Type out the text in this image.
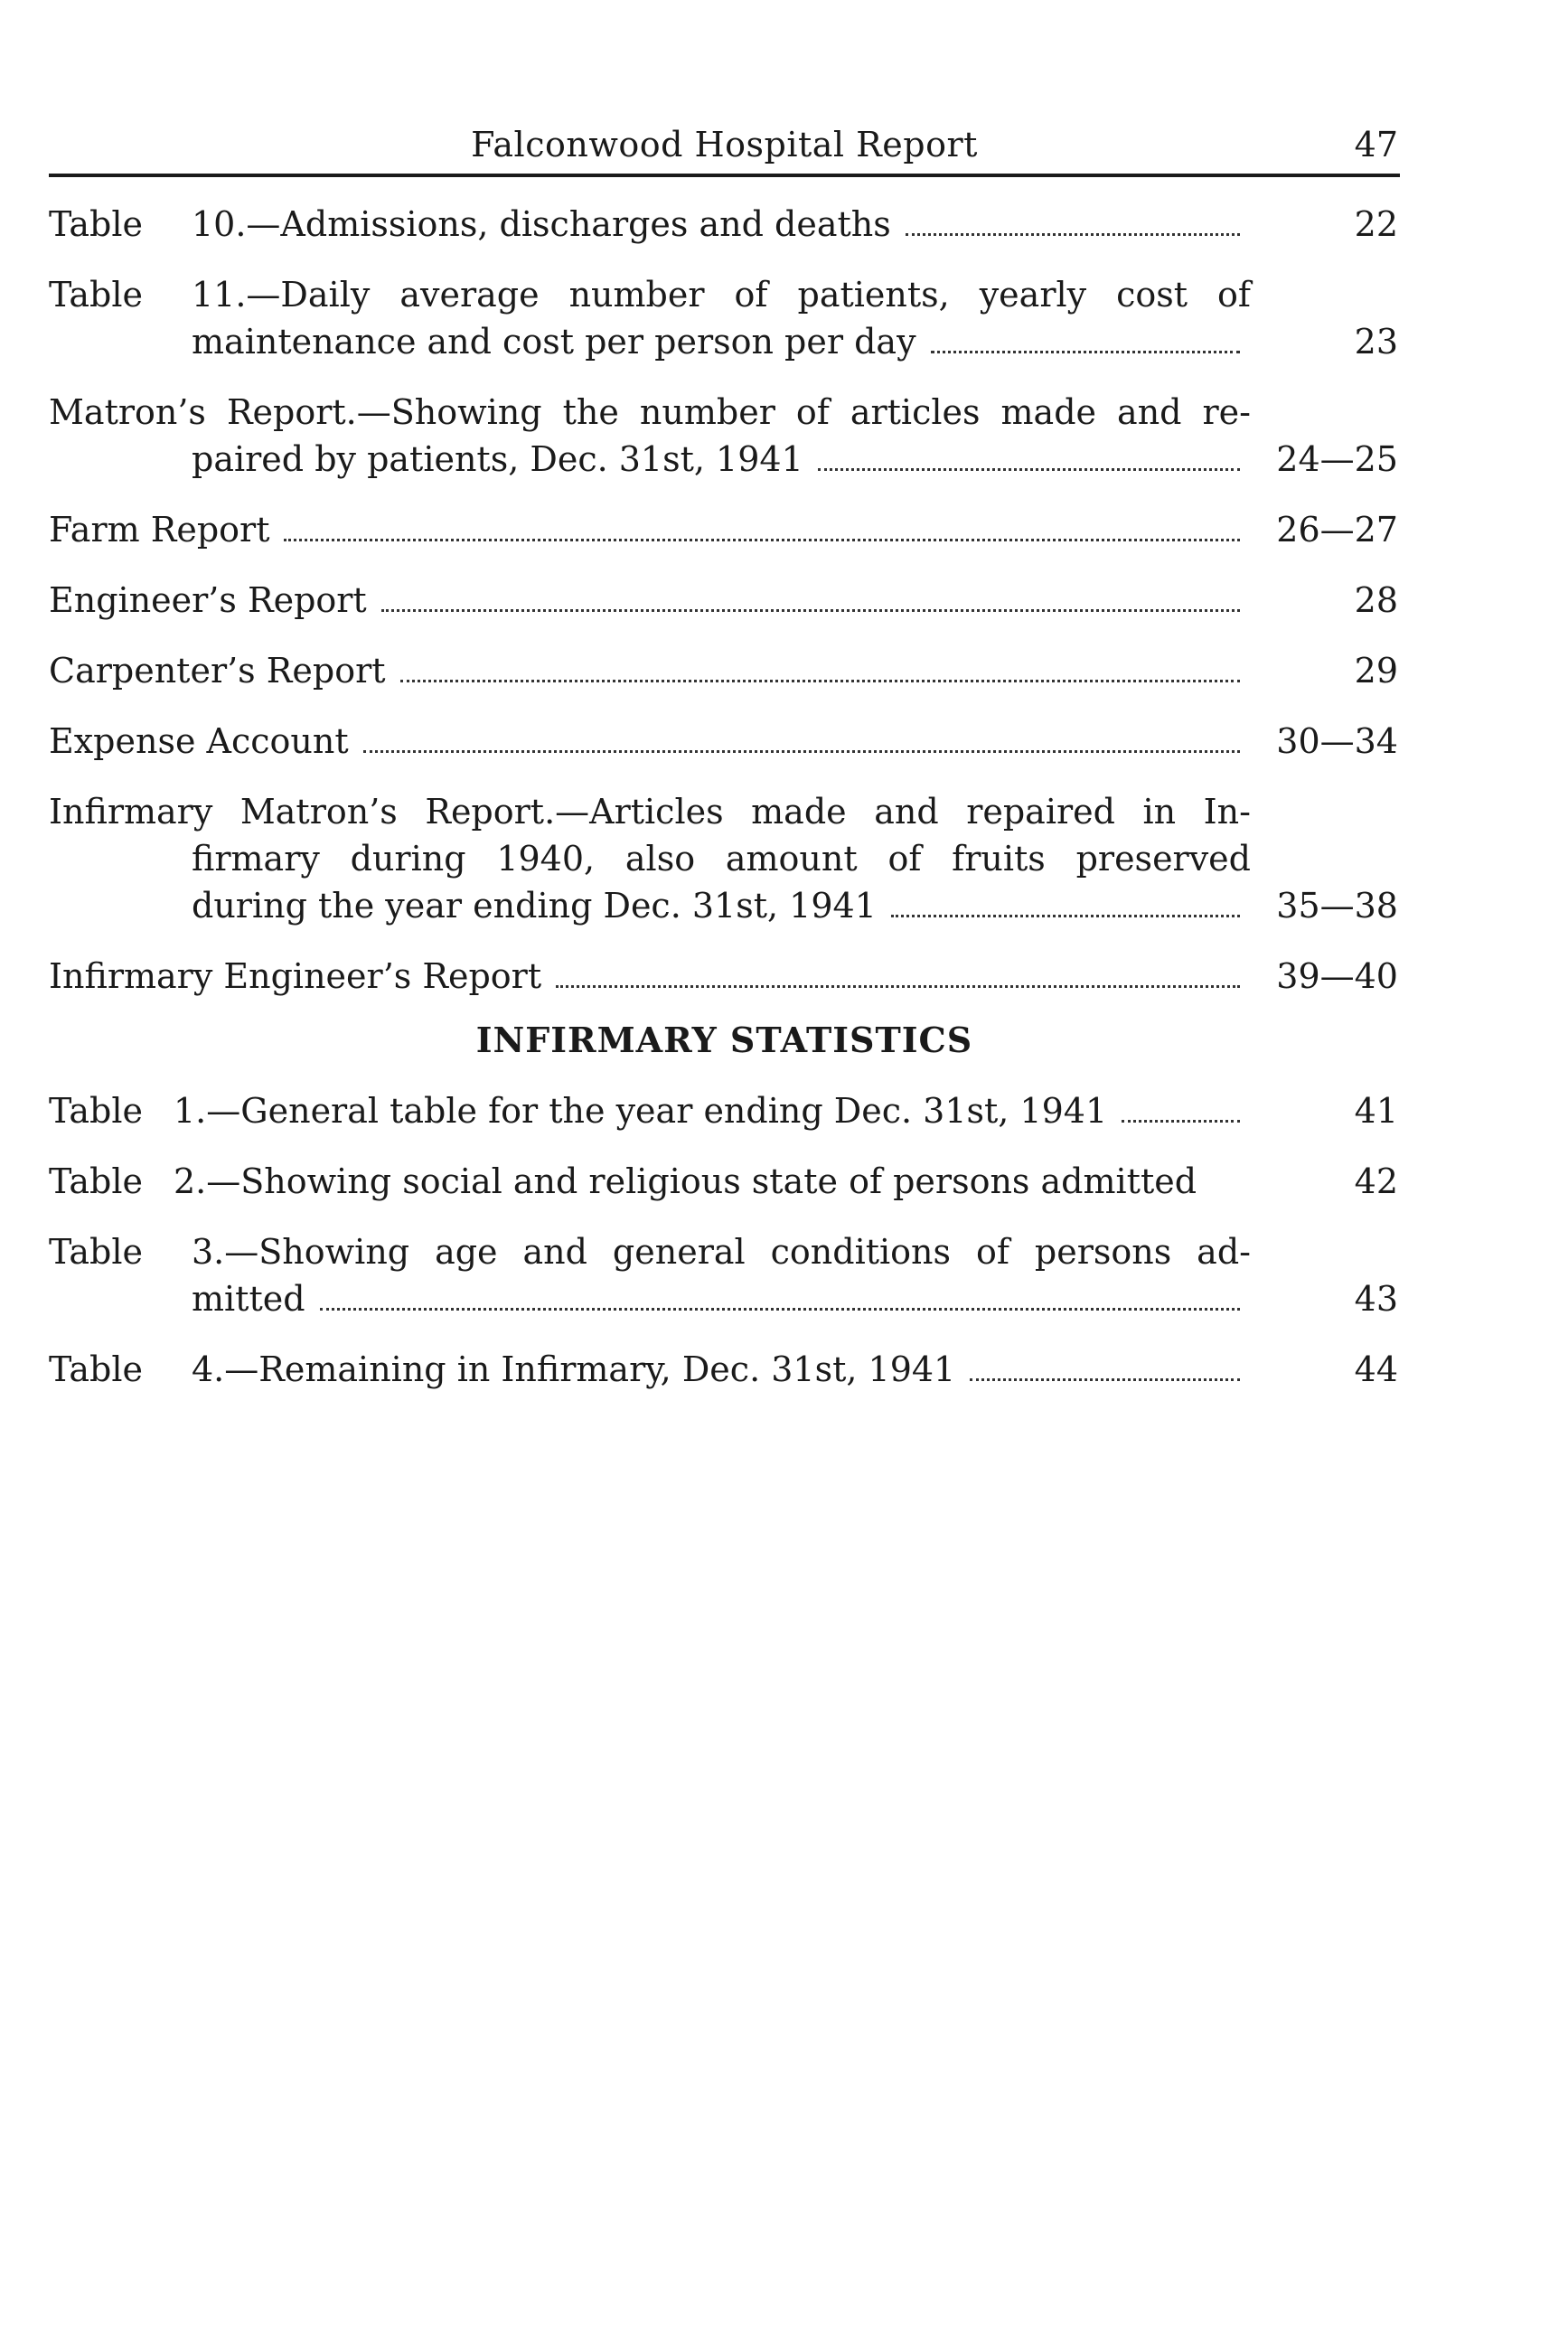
Falconwood Hospital Report	47
Table	10.—Admissions, discharges and deaths	22
Table	11.—Daily average number of patients, yearly cost of
maintenance and cost per person per day	23
Matron’s Report.—Showing the number of articles made and re-
paired by patients, Dec. 31st, 1941	24—25
Farm Report	26—27
Engineer’s Report	28
Carpenter’s Report	29
Expense Account	30—34
Infirmary Matron’s Report.—Articles made and repaired in In-
firmary during 1940, also amount of fruits preserved
during the year ending Dec. 31st, 1941	35—38
Infirmary Engineer’s Report	39—40
INFIRMARY STATISTICS
Table 1.—General table for the year ending Dec. 31st, 1941	41
Table 2.—Showing social and religious state of persons admitted	42
Table	3.—Showing age and general conditions of persons ad-
mitted	43
Table	4.—Remaining in Infirmary, Dec. 31st, 1941	44
